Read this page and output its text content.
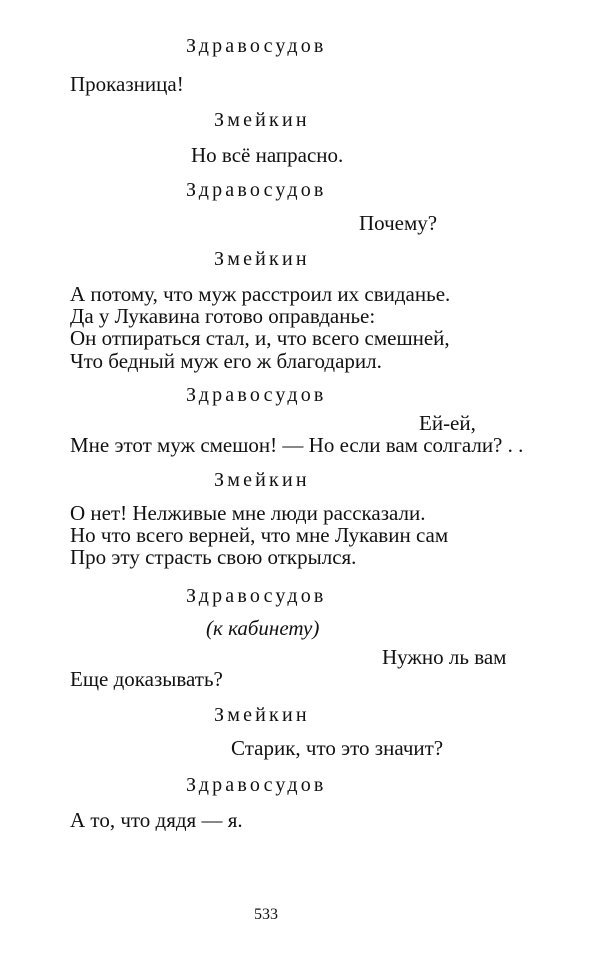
Здравосудов
Проказница!
Змейкин
Но всё напрасно.
Здравосудов
Почему?
Змейкин
А потому, что муж расстроил их свиданье.
Да у Лукавина готово оправданье:
Он отпираться стал, и, что всего смешней,
Что бедный муж его ж благодарил.
Здравосудов
Ей-ей,
Мне этот муж смешон! — Но если вам солгали? . .
Змейкин
О нет! Нелживые мне люди рассказали.
Но что всего верней, что мне Лукавин сам
Про эту страсть свою открылся.
Здравосудов
(к кабинету)
Нужно ль вам
Еще доказывать?
Змейкин
Старик, что это значит?
Здравосудов
А то, что дядя — я.
533
